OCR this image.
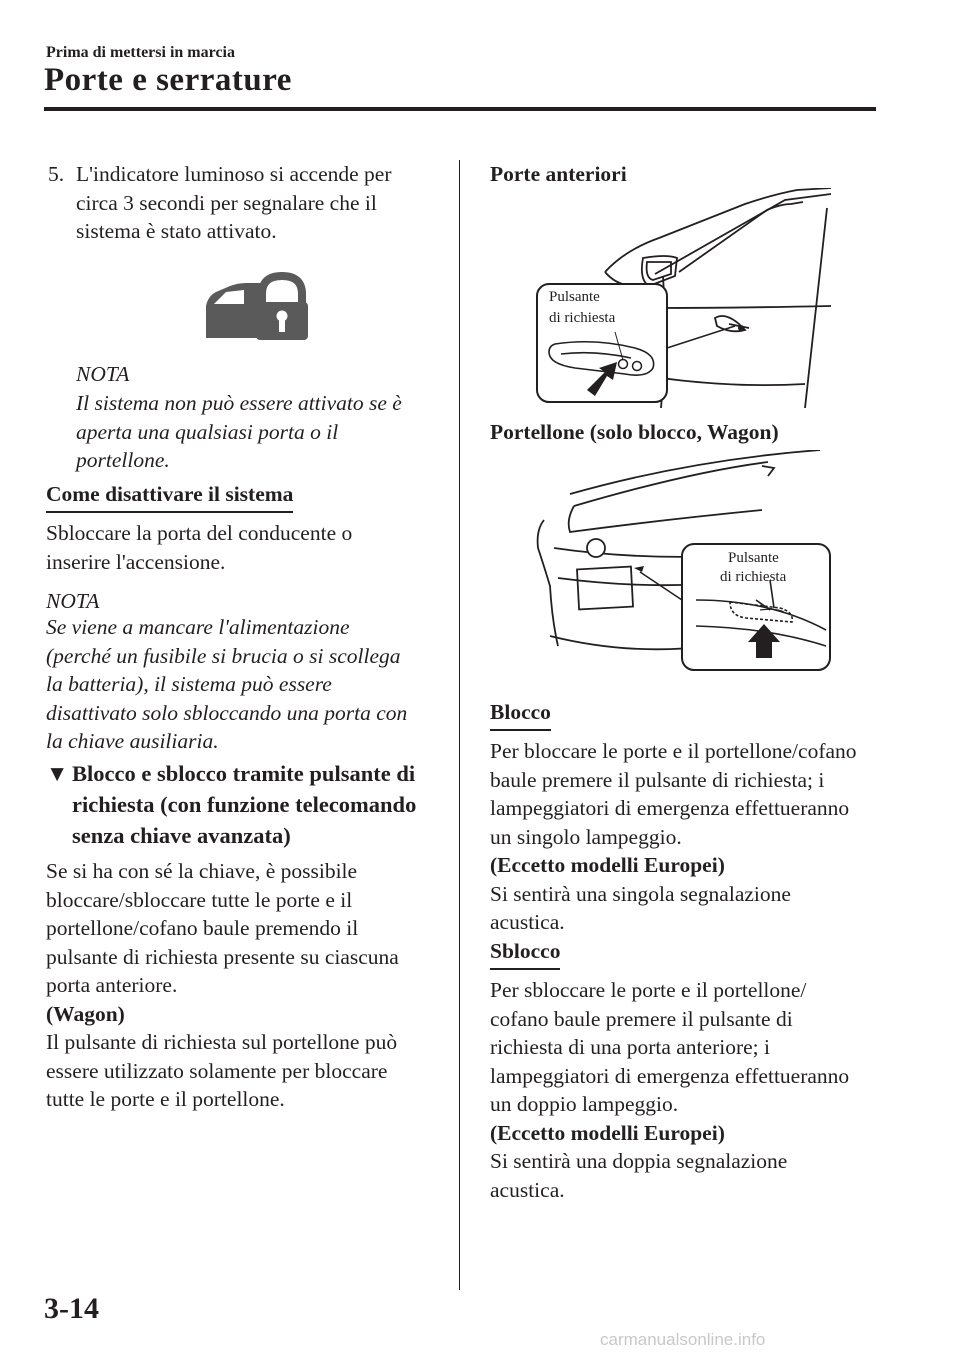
Prima di mettersi in marcia
Porte e serrature
5. L'indicatore luminoso si accende per
circa 3 secondi per segnalare che il
sistema è stato attivato.
NOTA
Il sistema non può essere attivato se è
aperta una qualsiasi porta o il
portellone.
Come disattivare il sistema
Sbloccare la porta del conducente o
inserire l'accensione.
NOTA
Se viene a mancare l'alimentazione
(perché un fusibile si brucia o si scollega
la batteria), il sistema può essere
disattivato solo sbloccando una porta con
la chiave ausiliaria.
▼ Blocco e sblocco tramite pulsante di
richiesta (con funzione telecomando
senza chiave avanzata)
Se si ha con sé la chiave, è possibile
bloccare/sbloccare tutte le porte e il
portellone/cofano baule premendo il
pulsante di richiesta presente su ciascuna
porta anteriore.
(Wagon)
Il pulsante di richiesta sul portellone può
essere utilizzato solamente per bloccare
tutte le porte e il portellone.
Porte anteriori
Pulsante
di richiesta
Portellone (solo blocco, Wagon)
Pulsante
di richiesta
Blocco
Per bloccare le porte e il portellone/cofano
baule premere il pulsante di richiesta; i
lampeggiatori di emergenza effettueranno
un singolo lampeggio.
(Eccetto modelli Europei)
Si sentirà una singola segnalazione
acustica.
Sblocco
Per sbloccare le porte e il portellone/
cofano baule premere il pulsante di
richiesta di una porta anteriore; i
lampeggiatori di emergenza effettueranno
un doppio lampeggio.
(Eccetto modelli Europei)
Si sentirà una doppia segnalazione
acustica.
3-14
carmanualsonline.info
